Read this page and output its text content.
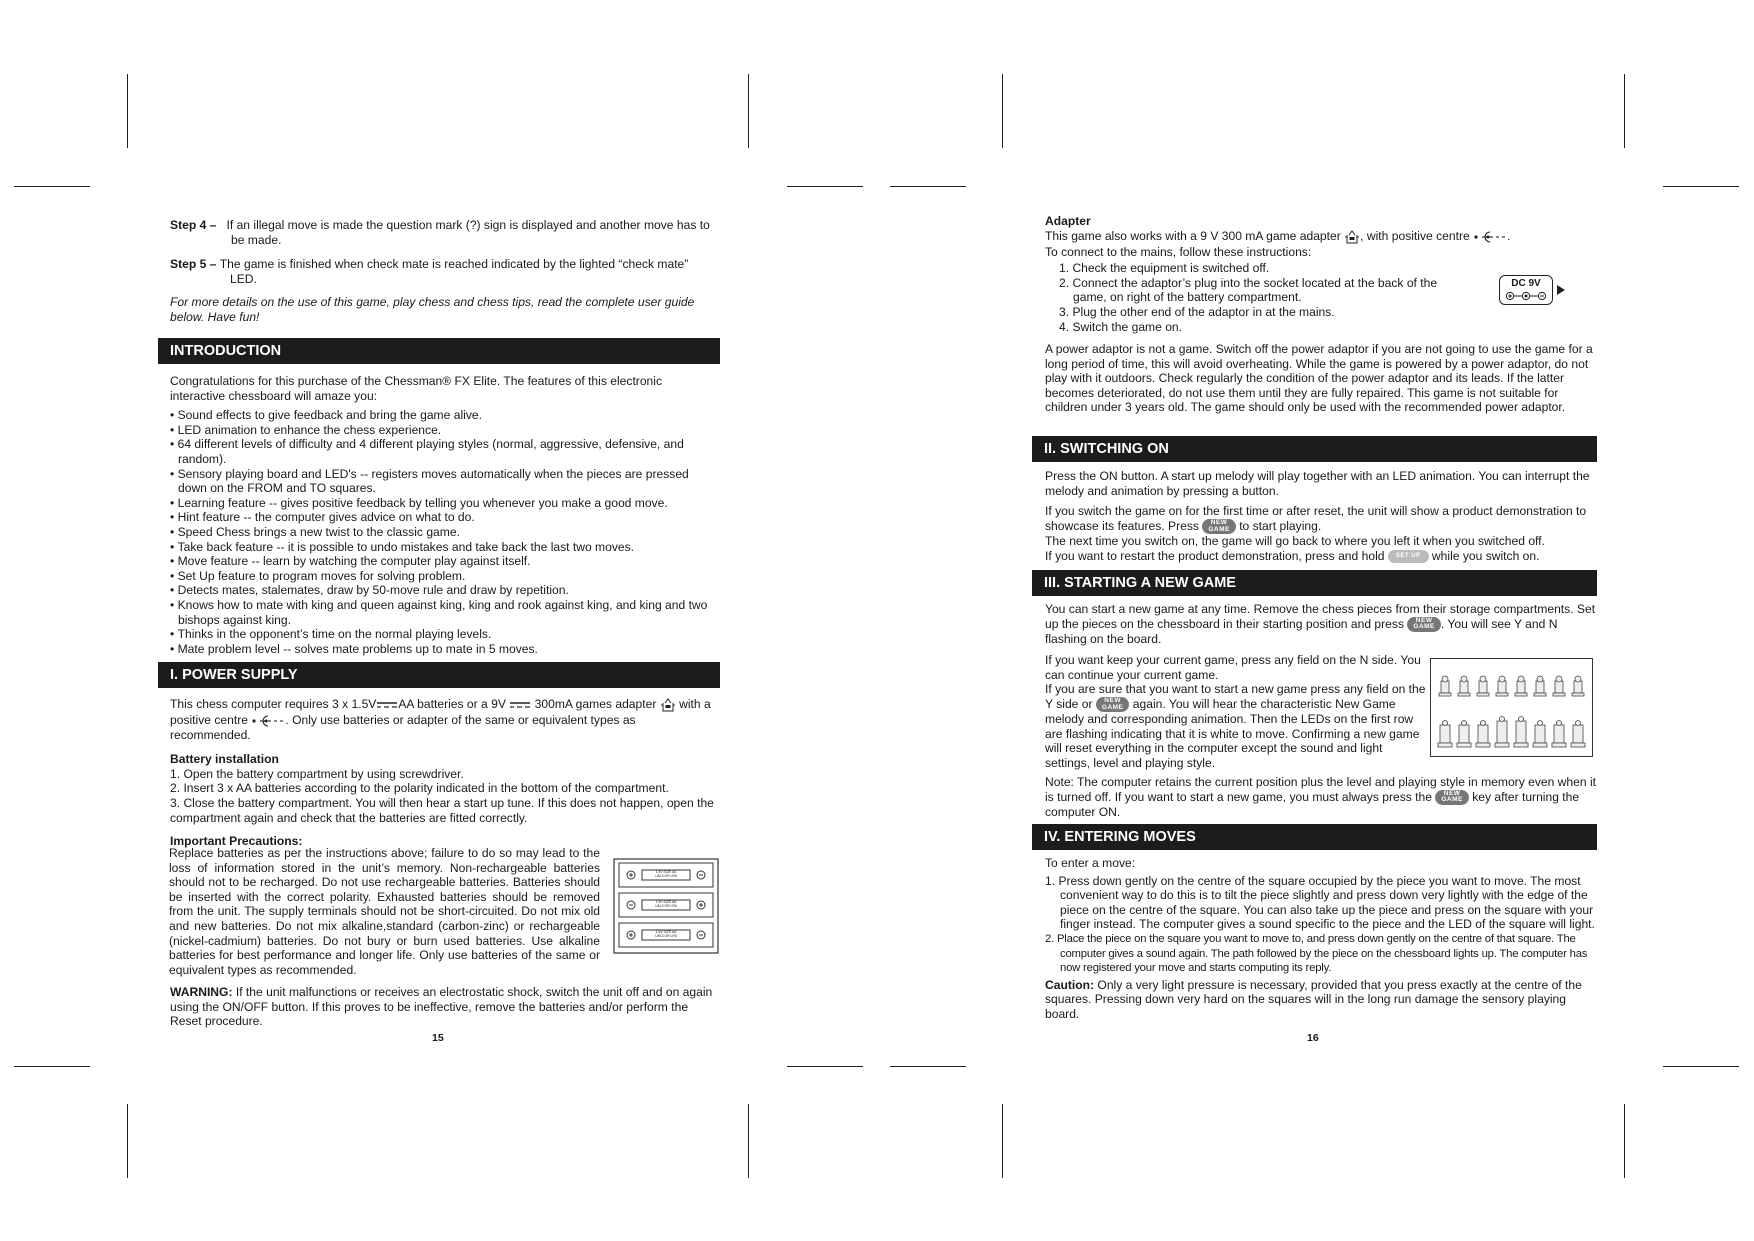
Step 4 – If an illegal move is made the question mark (?) sign is displayed and another move has to be made.

Step 5 – The game is finished when check mate is reached indicated by the lighted “check mate” LED.

For more details on the use of this game, play chess and chess tips, read the complete user guide below. Have fun!

INTRODUCTION

Congratulations for this purchase of the Chessman® FX Elite. The features of this electronic interactive chessboard will amaze you:

• Sound effects to give feedback and bring the game alive.
• LED animation to enhance the chess experience.
• 64 different levels of difficulty and 4 different playing styles (normal, aggressive, defensive, and random).
• Sensory playing board and LED's -- registers moves automatically when the pieces are pressed down on the FROM and TO squares.
• Learning feature -- gives positive feedback by telling you whenever you make a good move.
• Hint feature -- the computer gives advice on what to do.
• Speed Chess brings a new twist to the classic game.
• Take back feature -- it is possible to undo mistakes and take back the last two moves.
• Move feature -- learn by watching the computer play against itself.
• Set Up feature to program moves for solving problem.
• Detects mates, stalemates, draw by 50-move rule and draw by repetition.
• Knows how to mate with king and queen against king, king and rook against king, and king and two bishops against king.
• Thinks in the opponent’s time on the normal playing levels.
• Mate problem level -- solves mate problems up to mate in 5 moves.
I. POWER SUPPLY

This chess computer requires 3 x 1.5V AA batteries or a 9V 300mA games adapter with a positive centre	. Only use batteries or adapter of the same or equivalent types as recommended.

Battery installation

1. Open the battery compartment by using screwdriver.

2. Insert 3 x AA batteries according to the polarity indicated in the bottom of the compartment.

3. Close the battery compartment. You will then hear a start up tune. If this does not happen, open the compartment again and check that the batteries are fitted correctly.

Important Precautions:

Replace batteries as per the instructions above; failure to do so may lead to the loss of information stored in the unit’s memory. Non-rechargeable batteries should not to be recharged. Do not use rechargeable batteries. Batteries should be inserted with the correct polarity. Exhausted batteries should be removed from the unit. The supply terminals should not be short-circuited. Do not mix old and new batteries. Do not mix alkaline,standard (carbon-zinc) or rechargeable (nickel-cadmium) batteries. Do not bury or burn used batteries. Use alkaline batteries for best performance and longer life. Only use batteries of the same or equivalent types as recommended.
1.5V SIZE AA
UM-3 OR LR6
1.5V SIZE AA
UM-3 OR LR6
1.5V SIZE AA
UM-3 OR LR6

WARNING: If the unit malfunctions or receives an electrostatic shock, switch the unit off and on again using the ON/OFF button. If this proves to be ineffective, remove the batteries and/or perform the Reset procedure.

15

Adapter

This game also works with a 9 V 300 mA game adapter , with positive centre	.

To connect to the mains, follow these instructions:

1. Check the equipment is switched off.
2. Connect the adaptor’s plug into the socket located at the back of the game, on right of the battery compartment.
3. Plug the other end of the adaptor in at the mains.
4. Switch the game on.
DC 9V
A power adaptor is not a game. Switch off the power adaptor if you are not going to use the game for a long period of time, this will avoid overheating. While the game is powered by a power adaptor, do not play with it outdoors. Check regularly the condition of the power adaptor and its leads. If the latter becomes deteriorated, do not use them until they are fully repaired. This game is not suitable for children under 3 years old. The game should only be used with the recommended power adaptor.
II. SWITCHING ON

Press the ON button. A start up melody will play together with an LED animation. You can interrupt the melody and animation by pressing a button.

If you switch the game on for the first time or after reset, the unit will show a product demonstration to showcase its features. Press NEW
GAME to start playing.

The next time you switch on, the game will go back to where you left it when you switched off.

If you want to restart the product demonstration, press and hold SET UP while you switch on.

III. STARTING A NEW GAME

You can start a new game at any time. Remove the chess pieces from their storage compartments. Set up the pieces on the chessboard in their starting position and press NEW
GAME . You will see Y and N flashing on the board.

If you want keep your current game, press any field on the N side. You can continue your current game.

If you are sure that you want to start a new game press any field on the Y side or NEW
GAME again. You will hear the characteristic New Game melody and corresponding animation. Then the LEDs on the first row are flashing indicating that it is white to move. Confirming a new game will reset everything in the computer except the sound and light settings, level and playing style.

Note: The computer retains the current position plus the level and playing style in memory even when it is turned off. If you want to start a new game, you must always press the NEW
GAME key after turning the computer ON.

IV. ENTERING MOVES

To enter a move:

1. Press down gently on the centre of the square occupied by the piece you want to move. The most convenient way to do this is to tilt the piece slightly and press down very lightly with the edge of the piece on the centre of the square. You can also take up the piece and press on the square with your finger instead. The computer gives a sound specific to the piece and the LED of the square will light.

2. Place the piece on the square you want to move to, and press down gently on the centre of that square. The computer gives a sound again. The path followed by the piece on the chessboard lights up. The computer has now registered your move and starts computing its reply.

Caution: Only a very light pressure is necessary, provided that you press exactly at the centre of the squares. Pressing down very hard on the squares will in the long run damage the sensory playing board.

16
